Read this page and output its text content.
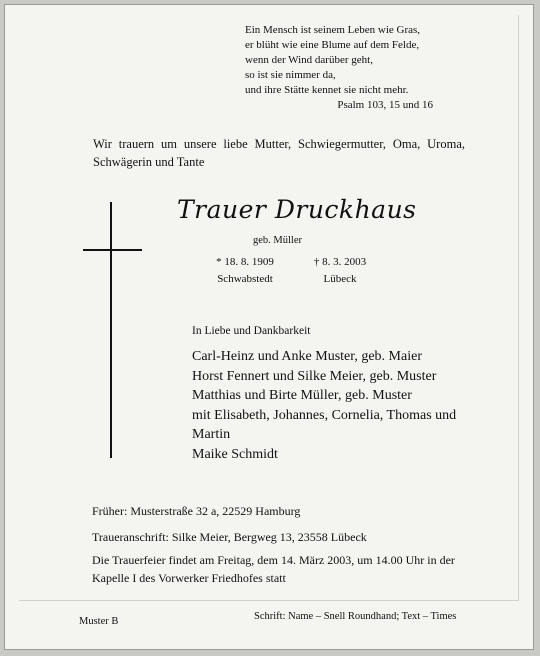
Ein Mensch ist seinem Leben wie Gras,
er blüht wie eine Blume auf dem Felde,
wenn der Wind darüber geht,
so ist sie nimmer da,
und ihre Stätte kennet sie nicht mehr.
Psalm 103, 15 und 16
Wir trauern um unsere liebe Mutter, Schwiegermutter, Oma, Uroma, Schwägerin und Tante
Trauer Druckhaus
geb. Müller
* 18. 8. 1909
Schwabstedt
† 8. 3. 2003
Lübeck
In Liebe und Dankbarkeit
Carl-Heinz und Anke Muster, geb. Maier
Horst Fennert und Silke Meier, geb. Muster
Matthias und Birte Müller, geb. Muster
mit Elisabeth, Johannes, Cornelia, Thomas und
Martin
Maike Schmidt
Früher: Musterstraße 32 a, 22529 Hamburg
Traueranschrift: Silke Meier, Bergweg 13, 23558 Lübeck
Die Trauerfeier findet am Freitag, dem 14. März 2003, um 14.00 Uhr in der Kapelle I des Vorwerker Friedhofes statt
Muster B	Schrift: Name – Snell Roundhand; Text – Times
